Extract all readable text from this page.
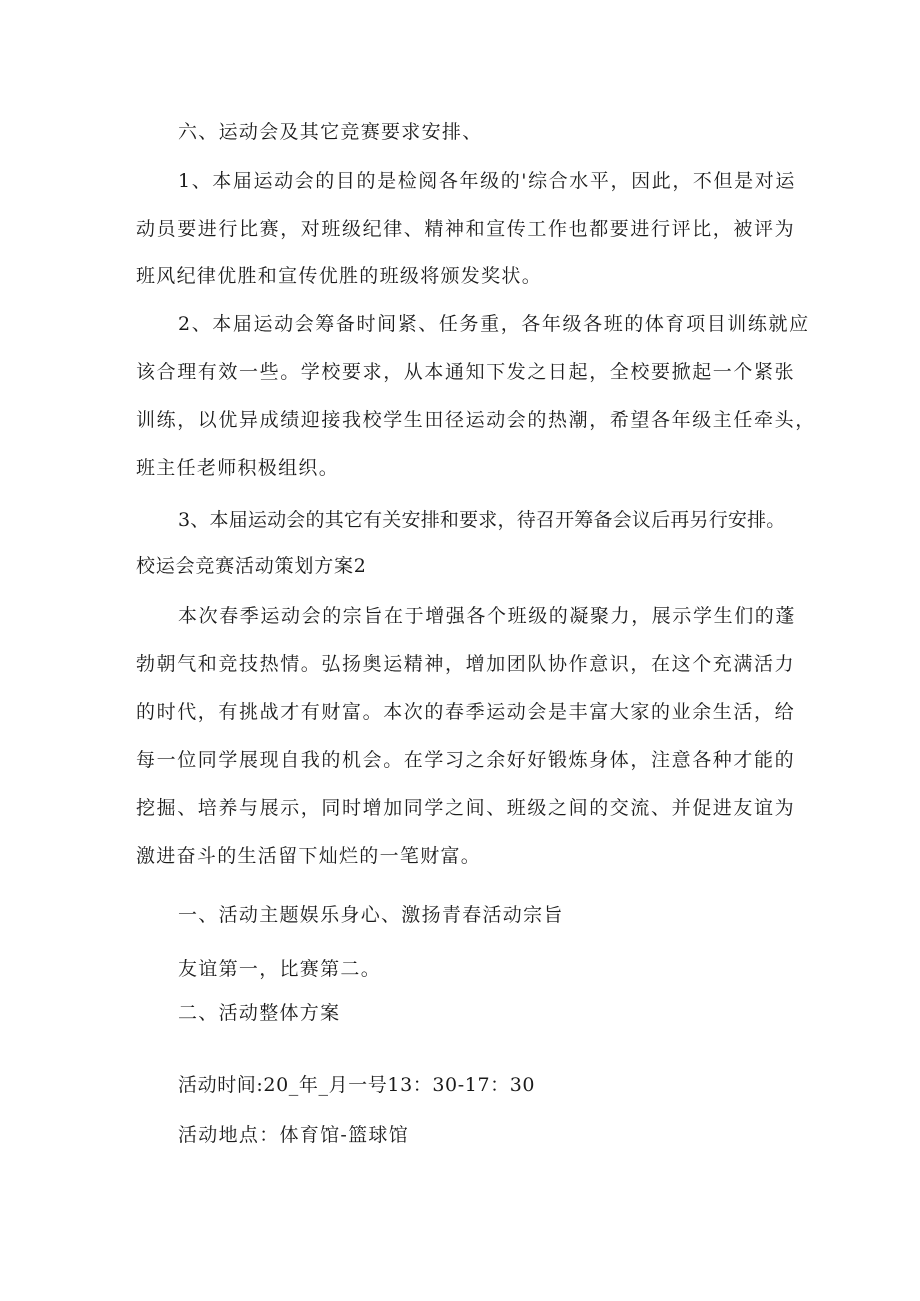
六、运动会及其它竞赛要求安排、
1、本届运动会的目的是检阅各年级的'综合水平，因此，不但是对运
动员要进行比赛，对班级纪律、精神和宣传工作也都要进行评比，被评为
班风纪律优胜和宣传优胜的班级将颁发奖状。
2、本届运动会筹备时间紧、任务重，各年级各班的体育项目训练就应
该合理有效一些。学校要求，从本通知下发之日起，全校要掀起一个紧张
训练，以优异成绩迎接我校学生田径运动会的热潮，希望各年级主任牵头，
班主任老师积极组织。
3、本届运动会的其它有关安排和要求，待召开筹备会议后再另行安排。
校运会竞赛活动策划方案2
本次春季运动会的宗旨在于增强各个班级的凝聚力，展示学生们的蓬
勃朝气和竞技热情。弘扬奥运精神，增加团队协作意识，在这个充满活力
的时代，有挑战才有财富。本次的春季运动会是丰富大家的业余生活，给
每一位同学展现自我的机会。在学习之余好好锻炼身体，注意各种才能的
挖掘、培养与展示，同时增加同学之间、班级之间的交流、并促进友谊为
激进奋斗的生活留下灿烂的一笔财富。
一、活动主题娱乐身心、激扬青春活动宗旨
友谊第一，比赛第二。
二、活动整体方案
活动时间:20_年_月一号13：30-17：30
活动地点：体育馆-篮球馆
